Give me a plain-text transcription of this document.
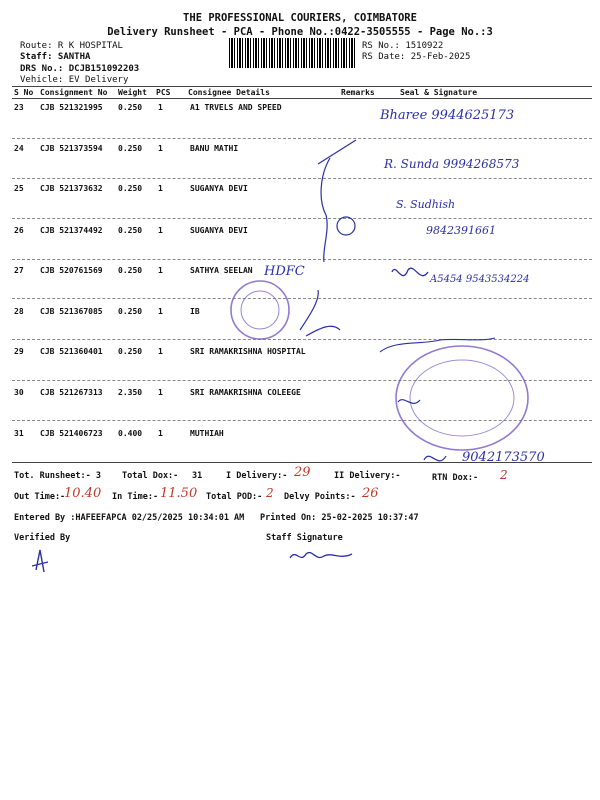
THE PROFESSIONAL COURIERS, COIMBATORE
Delivery Runsheet - PCA - Phone No.:0422-3505555 - Page No.:3
Route: R K HOSPITAL
Staff: SANTHA
DRS No.: DCJB151092203
Vehicle: EV Delivery
RS No.: 1510922
RS Date: 25-Feb-2025
S No Consignment No Weight PCS Consignee Details	Remarks	Seal & Signature
23 CJB 521321995 0.250 1	A1 TRVELS AND SPEED
24 CJB 521373594 0.250 1	BANU MATHI
25 CJB 521373632 0.250 1	SUGANYA DEVI
26 CJB 521374492 0.250 1	SUGANYA DEVI
27 CJB 520761569 0.250 1	SATHYA SEELAN
28 CJB 521367085 0.250 1	IB
29 CJB 521360401 0.250 1	SRI RAMAKRISHNA HOSPITAL
30 CJB 521267313 2.350 1	SRI RAMAKRISHNA COLEEGE
31 CJB 521406723 0.400 1	MUTHIAH
Bharee 9944625173
R. Sunda 9994268573
S. Sudhish
9842391661
HDFC
A5454 9543534224
9042173570
Tot. Runsheet:- 3 Total Dox:- 31	I Delivery:- 29	II Delivery:-	RTN Dox:- 2
Out Time:-
10.40 In Time:- 11.50 Total POD:- 2 Delvy Points:- 26
Entered By :HAFEEFAPCA 02/25/2025 10:34:01 AM Printed On: 25-02-2025 10:37:47
Verified By	Staff Signature
